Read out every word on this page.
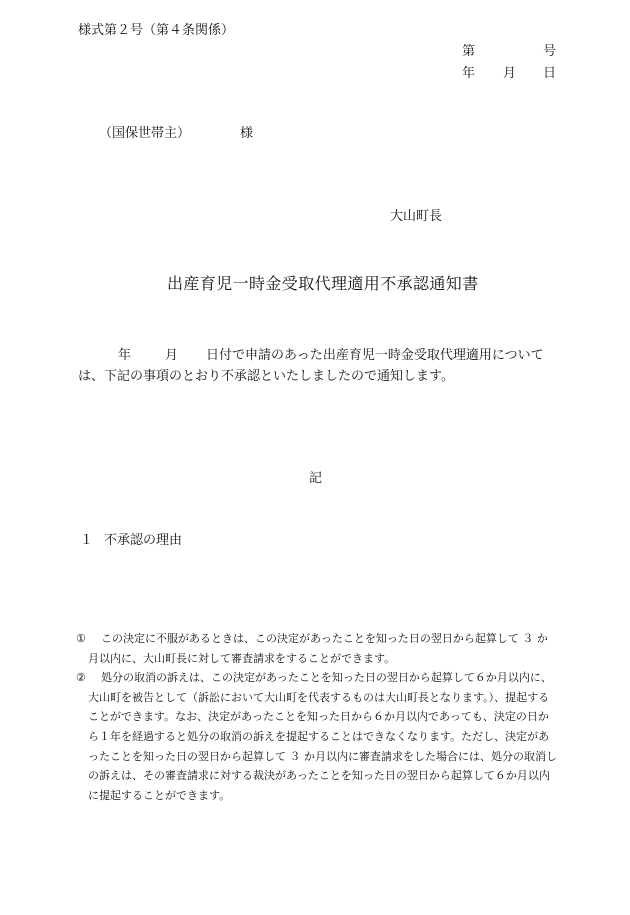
様式第２号（第４条関係）
第	号
年 月 日
（国保世帯主）	様
大山町長
出産育児一時金受取代理適用不承認通知書
年	月 日付で申請のあった出産育児一時金受取代理適用について
は、下記の事項のとおり不承認といたしましたので通知します。
記
１ 不承認の理由
①	この決定に不服があるときは、この決定があったことを知った日の翌日から起算して ３ か
月以内に、大山町長に対して審査請求をすることができます。
②	処分の取消の訴えは、この決定があったことを知った日の翌日から起算して６か月以内に、
大山町を被告として（訴訟において大山町を代表するものは大山町長となります。）、提起する
ことができます。なお、決定があったことを知った日から６か月以内であっても、決定の日か
ら１年を経過すると処分の取消の訴えを提起することはできなくなります。ただし、決定があ
ったことを知った日の翌日から起算して ３ か月以内に審査請求をした場合には、処分の取消し
の訴えは、その審査請求に対する裁決があったことを知った日の翌日から起算して６か月以内
に提起することができます。
